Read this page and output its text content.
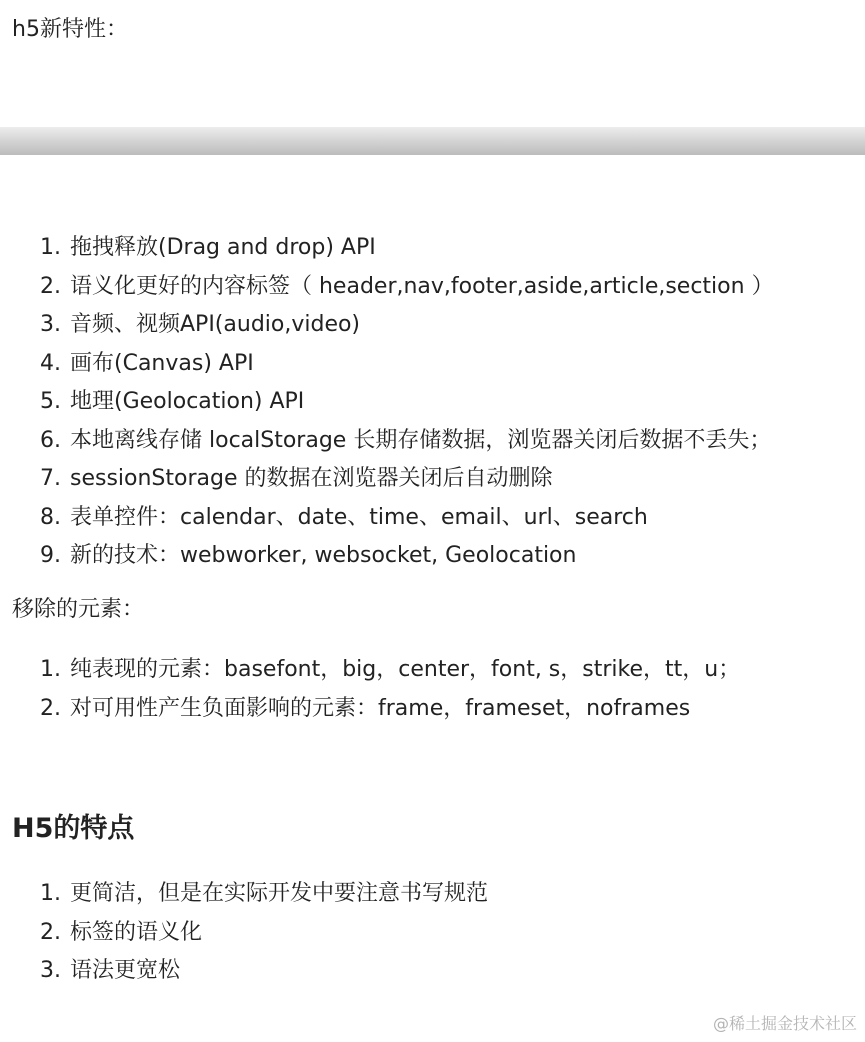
h5新特性：

1. 拖拽释放(Drag and drop) API
2. 语义化更好的内容标签（ header,nav,footer,aside,article,section ）
3. 音频、视频API(audio,video)
4. 画布(Canvas) API
5. 地理(Geolocation) API
6. 本地离线存储 localStorage 长期存储数据，浏览器关闭后数据不丢失；
7. sessionStorage 的数据在浏览器关闭后自动删除
8. 表单控件：calendar、date、time、email、url、search
9. 新的技术：webworker, websocket, Geolocation

移除的元素：

1. 纯表现的元素：basefont，big，center，font, s，strike，tt，u；
2. 对可用性产生负面影响的元素：frame，frameset，noframes
H5的特点
1. 更简洁，但是在实际开发中要注意书写规范
2. 标签的语义化
3. 语法更宽松

@稀土掘金技术社区
